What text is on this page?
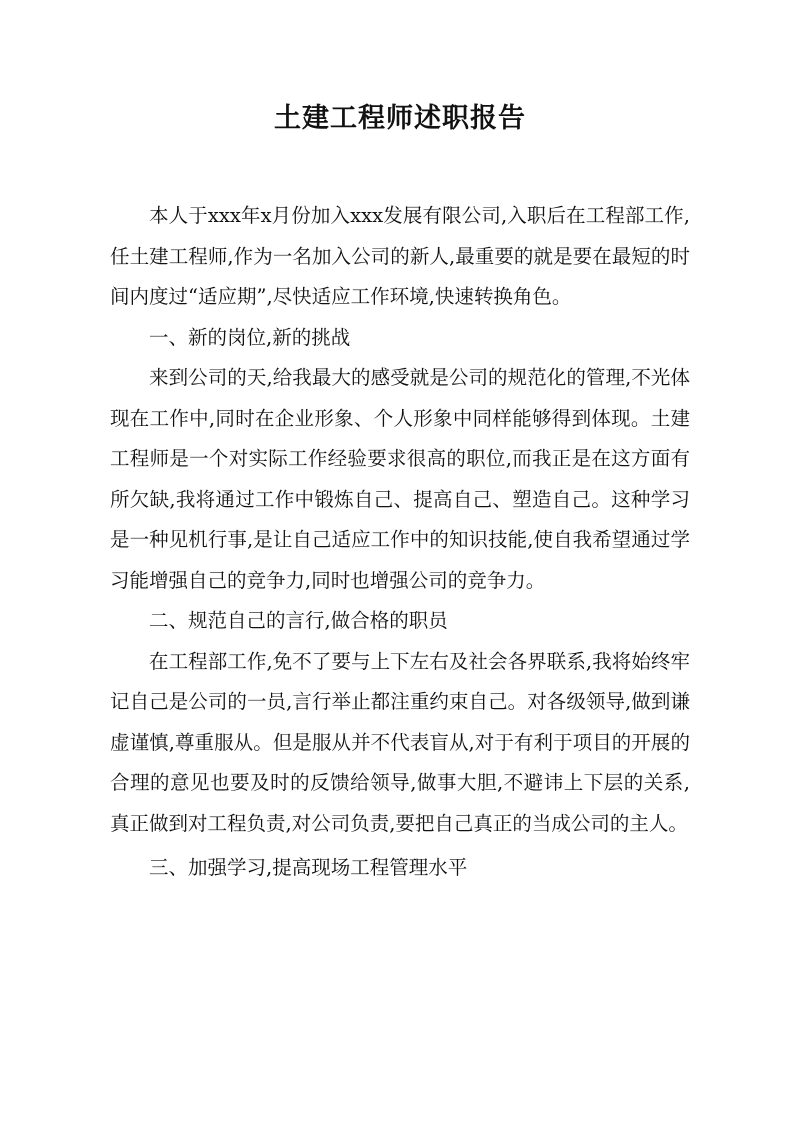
土建工程师述职报告

本人于xxx年x月份加入xxx发展有限公司,入职后在工程部工作,任土建工程师,作为一名加入公司的新人,最重要的就是要在最短的时间内度过“适应期”,尽快适应工作环境,快速转换角色。

一、新的岗位,新的挑战

来到公司的天,给我最大的感受就是公司的规范化的管理,不光体现在工作中,同时在企业形象、个人形象中同样能够得到体现。土建工程师是一个对实际工作经验要求很高的职位,而我正是在这方面有所欠缺,我将通过工作中锻炼自己、提高自己、塑造自己。这种学习是一种见机行事,是让自己适应工作中的知识技能,使自我希望通过学习能增强自己的竞争力,同时也增强公司的竞争力。

二、规范自己的言行,做合格的职员

在工程部工作,免不了要与上下左右及社会各界联系,我将始终牢记自己是公司的一员,言行举止都注重约束自己。对各级领导,做到谦虚谨慎,尊重服从。但是服从并不代表盲从,对于有利于项目的开展的合理的意见也要及时的反馈给领导,做事大胆,不避讳上下层的关系,真正做到对工程负责,对公司负责,要把自己真正的当成公司的主人。

三、加强学习,提高现场工程管理水平
